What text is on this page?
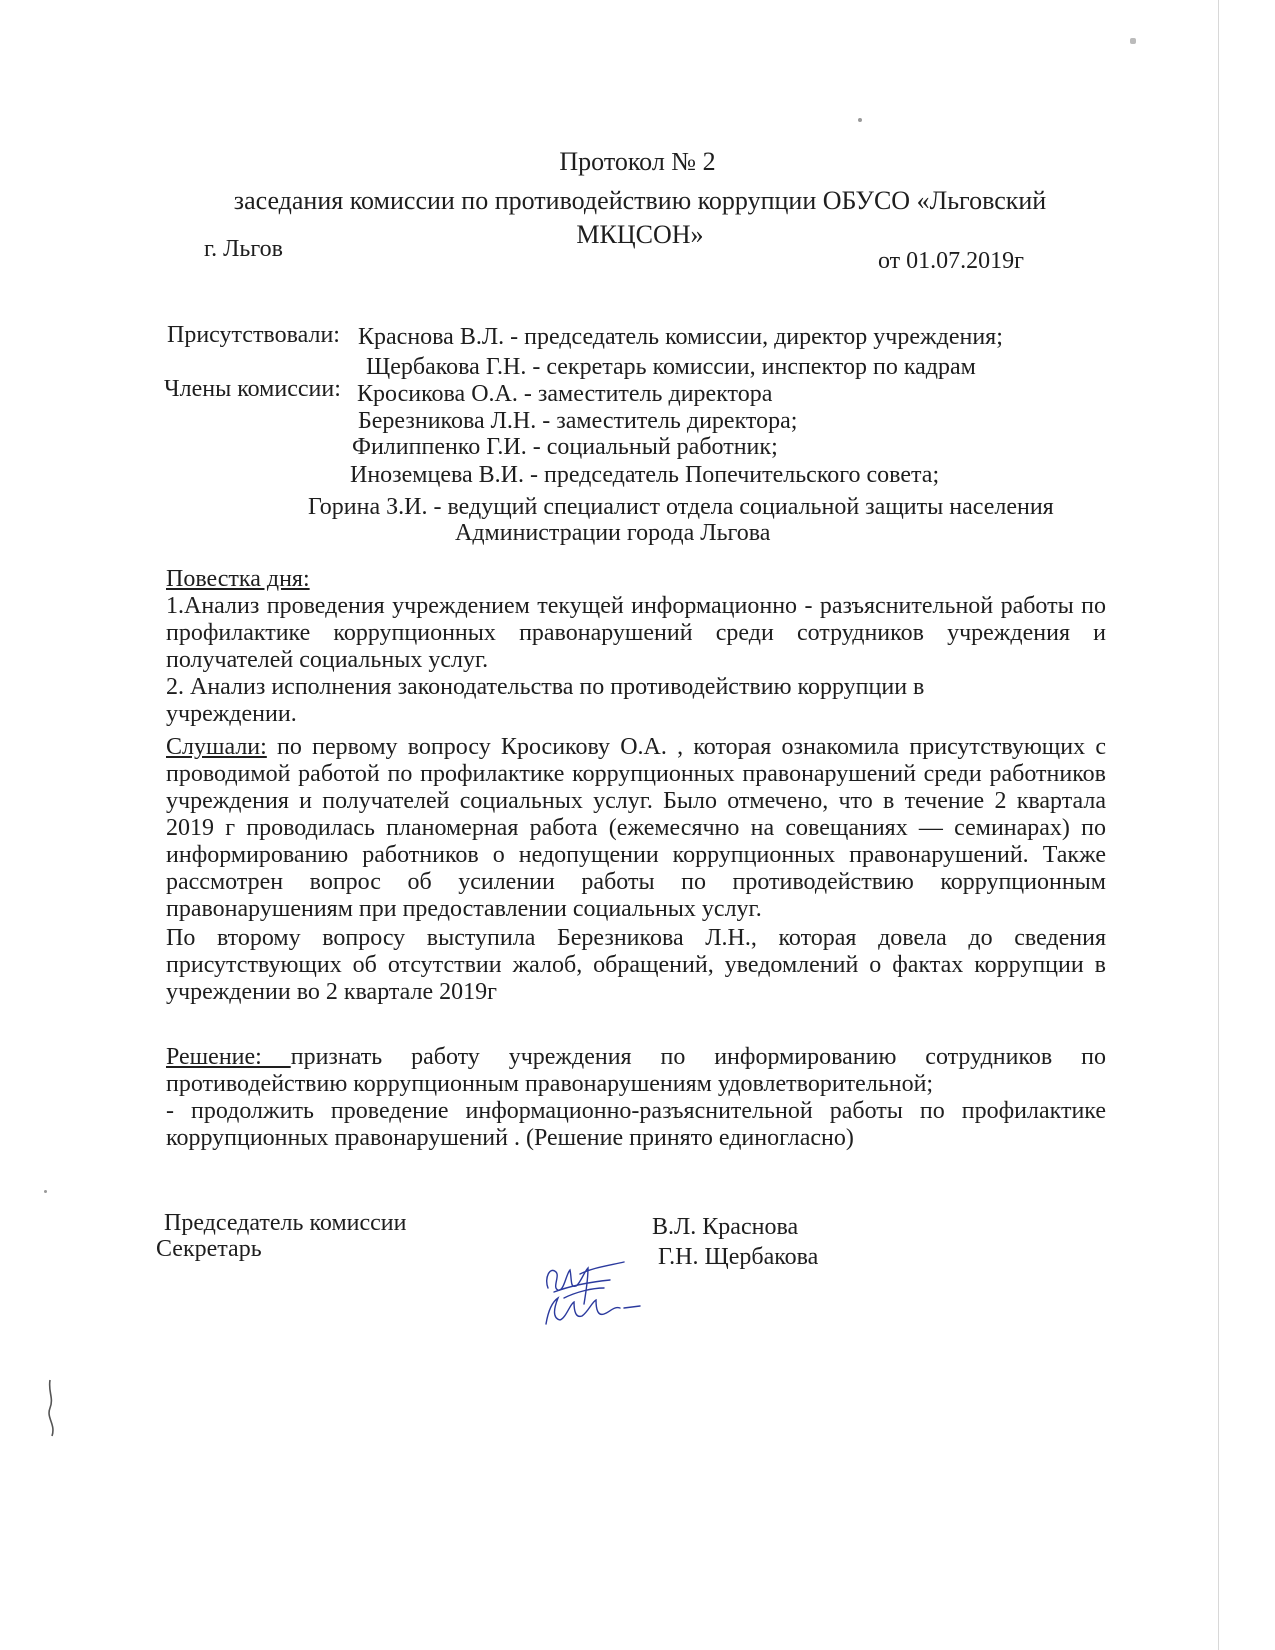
Протокол № 2
заседания комиссии по противодействию коррупции ОБУСО «Льговский МКЦСОН»
г. Льгов	от 01.07.2019г
Присутствовали: Краснова В.Л. - председатель комиссии, директор учреждения;
Щербакова Г.Н. - секретарь комиссии, инспектор по кадрам
Члены комиссии: Кросикова О.А. - заместитель директора
Березникова Л.Н. - заместитель директора;
Филиппенко Г.И. - социальный работник;
Иноземцева В.И. - председатель Попечительского совета;
Горина З.И. - ведущий специалист отдела социальной защиты населения
Администрации города Льгова

Повестка дня:

1.Анализ проведения учреждением текущей информационно - разъяснительной работы по профилактике коррупционных правонарушений среди сотрудников учреждения и получателей социальных услуг.

2. Анализ исполнения законодательства по противодействию коррупции в учреждении.

Слушали: по первому вопросу Кросикову О.А. , которая ознакомила присутствующих с проводимой работой по профилактике коррупционных правонарушений среди работников учреждения и получателей социальных услуг. Было отмечено, что в течение 2 квартала 2019 г проводилась планомерная работа (ежемесячно на совещаниях — семинарах) по информированию работников о недопущении коррупционных правонарушений. Также рассмотрен вопрос об усилении работы по противодействию коррупционным правонарушениям при предоставлении социальных услуг.

По второму вопросу выступила Березникова Л.Н., которая довела до сведения присутствующих об отсутствии жалоб, обращений, уведомлений о фактах коррупции в учреждении во 2 квартале 2019г

Решение: признать работу учреждения по информированию сотрудников по противодействию коррупционным правонарушениям удовлетворительной;

- продолжить проведение информационно-разъяснительной работы по профилактике коррупционных правонарушений . (Решение принято единогласно)

Председатель комиссии
Секретарь
В.Л. Краснова
Г.Н. Щербакова
